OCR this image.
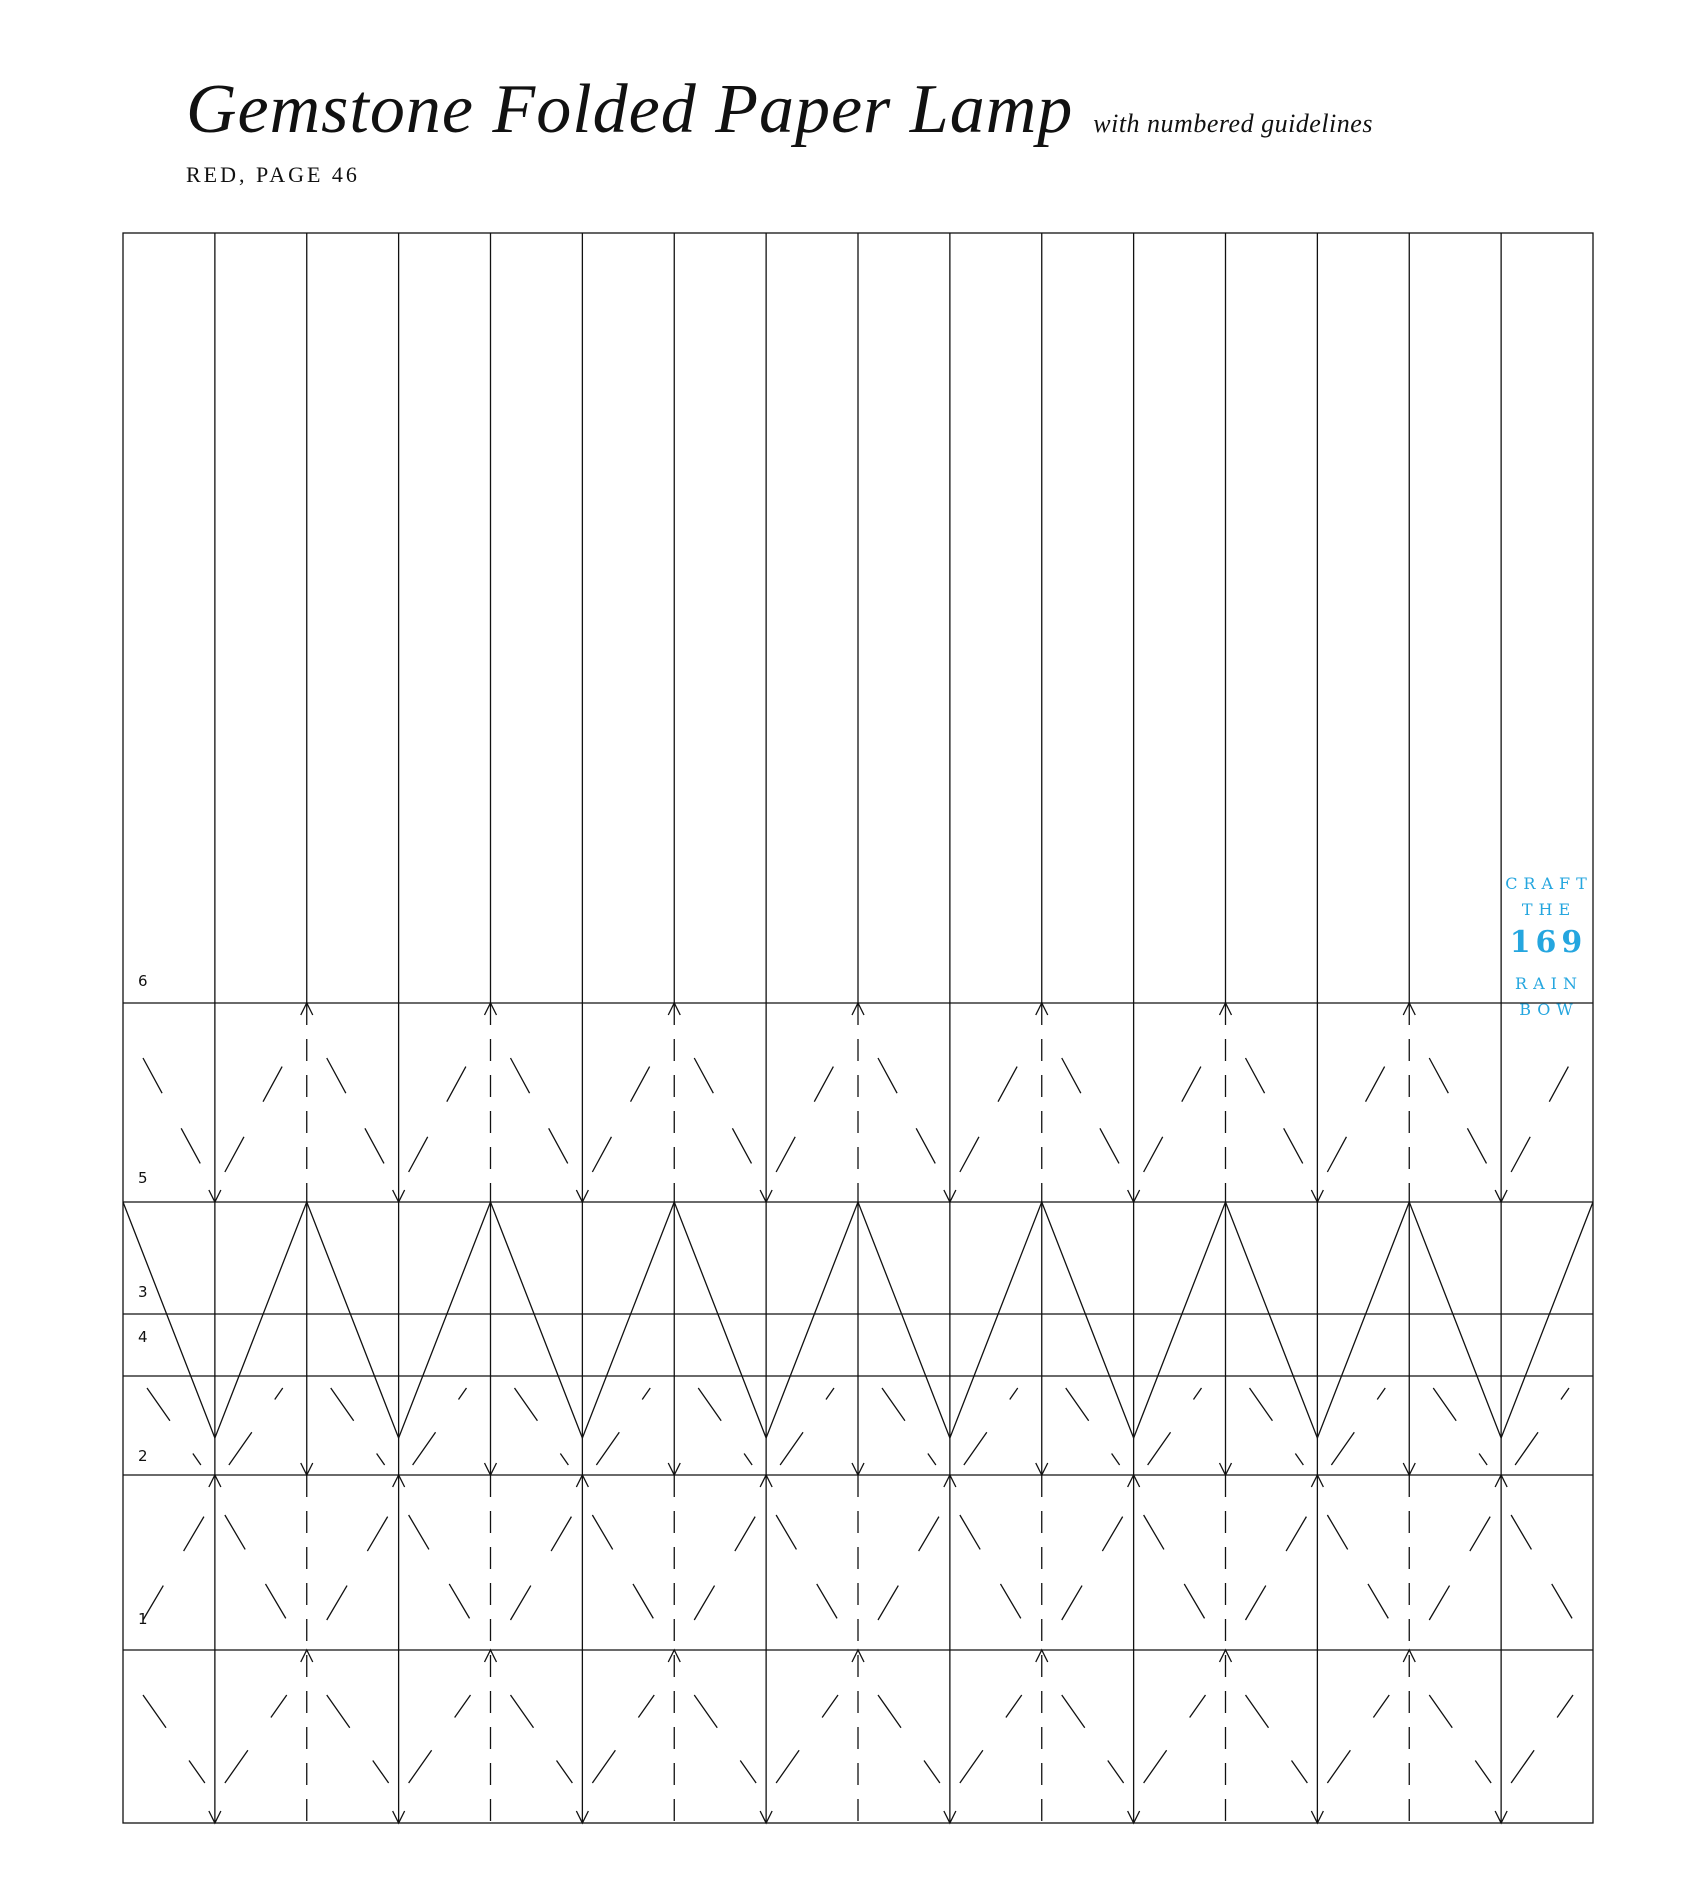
Gemstone Folded Paper Lamp with numbered guidelines
RED, PAGE 46
6
5
3
4
2
1
CRAFT
THE
169
RAIN
BOW
